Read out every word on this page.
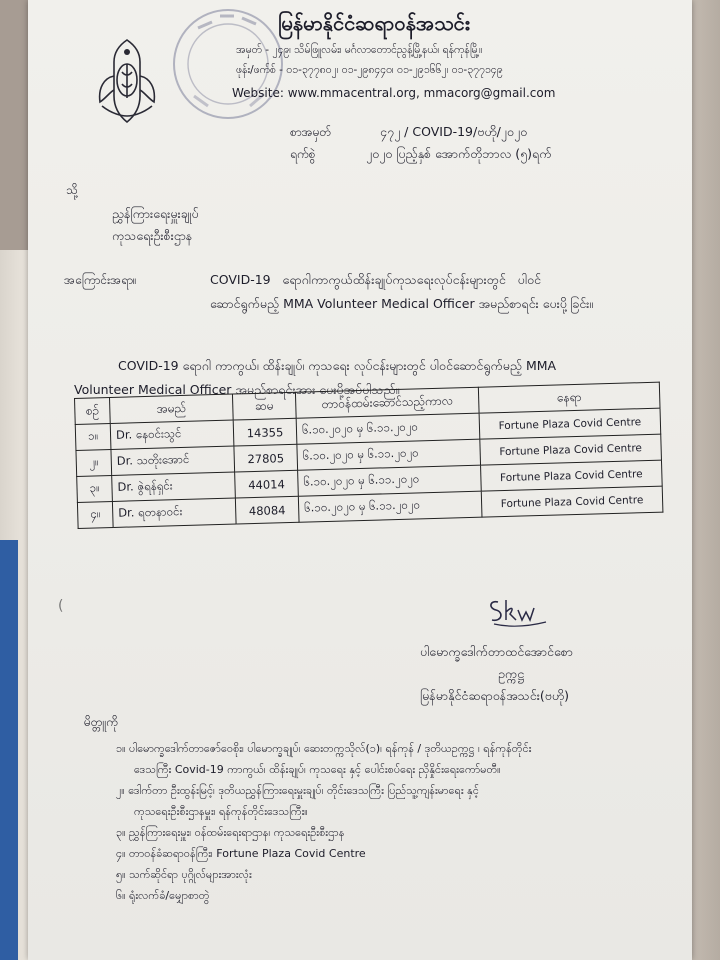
မြန်မာနိုင်ငံဆရာဝန်အသင်း
အမှတ် - ၂၄၉၊ သိမ်ဖြူလမ်း၊ မင်္ဂလာတောင်ညွန့်မြို့နယ်၊ ရန်ကုန်မြို့။
ဖုန်း/ဖက်စ် - ၀၁-၃၇၇၈၀၂၊ ၀၁-၂၉၈၄၄၀၊ ၀၁-၂၉၁၆၆၂၊ ၀၁-၃၇၇၁၄၉
Website: www.mmacentral.org, mmacorg@gmail.com
စာအမှတ်	၄၇၂ / COVID-19/ဗဟို/၂၀၂၀
ရက်စွဲ	၂၀၂၀ ပြည့်နှစ် အောက်တိုဘာလ (၅)ရက်
သို့
ညွှန်ကြားရေးမှူးချုပ်
ကုသရေးဦးစီးဌာန
အကြောင်းအရာ။	COVID-19   ရောဂါကာကွယ်ထိန်းချုပ်ကုသရေးလုပ်ငန်းများတွင်   ပါဝင်
ဆောင်ရွက်မည့် MMA Volunteer Medical Officer အမည်စာရင်း ပေးပို့ခြင်း။
COVID-19 ရောဂါ ကာကွယ်၊ ထိန်းချုပ်၊ ကုသရေး လုပ်ငန်းများတွင် ပါဝင်ဆောင်ရွက်မည့် MMA
Volunteer Medical Officer အမည်စာရင်းအား ပေးပို့အပ်ပါသည်။
စဉ်	အမည်	ဆမ	တာဝန်ထမ်းဆောင်သည့်ကာလ	နေရာ
၁။	Dr. နေဝင်းသွင်	14355	၆.၁၀.၂၀၂၀ မှ ၆.၁၁.၂၀၂၀	Fortune Plaza Covid Centre
၂။	Dr. သတိုးအောင်	27805	၆.၁၀.၂၀၂၀ မှ ၆.၁၁.၂၀၂၀	Fortune Plaza Covid Centre
၃။	Dr. ဇွဲရန်ရှင်း	44014	၆.၁၀.၂၀၂၀ မှ ၆.၁၁.၂၀၂၀	Fortune Plaza Covid Centre
၄။	Dr. ရတနာဝင်း	48084	၆.၁၀.၂၀၂၀ မှ ၆.၁၁.၂၀၂၀	Fortune Plaza Covid Centre
(
ပါမောက္ခဒေါက်တာထင်အောင်စော
ဥက္ကဋ္ဌ
မြန်မာနိုင်ငံဆရာဝန်အသင်း(ဗဟို)
မိတ္တူကို
၁။ ပါမောက္ခဒေါက်တာဇော်ဝေစိုး၊ ပါမောက္ခချုပ်၊ ဆေးတက္ကသိုလ်(၁)၊ ရန်ကုန် / ဒုတိယဥက္ကဋ္ဌ ၊ ရန်ကုန်တိုင်း
ဒေသကြီး Covid-19 ကာကွယ်၊ ထိန်းချုပ်၊ ကုသရေး နှင့် ပေါင်းစပ်ရေး ညှိနှိုင်းရေးကော်မတီ။
၂။ ဒေါက်တာ ဦးထွန်းမြင့်၊ ဒုတိယညွှန်ကြားရေးမှူးချုပ်၊ တိုင်းဒေသကြီး ပြည်သူ့ကျန်းမာရေး နှင့်
ကုသရေးဦးစီးဌာနမှူး၊ ရန်ကုန်တိုင်းဒေသကြီး။
၃။ ညွှန်ကြားရေးမှူး၊ ဝန်ထမ်းရေးရာဌာန၊ ကုသရေးဦးစီးဌာန
၄။ တာဝန်ခံဆရာဝန်ကြီး၊ Fortune Plaza Covid Centre
၅။ သက်ဆိုင်ရာ ပုဂ္ဂိုလ်များအားလုံး
၆။ ရုံးလက်ခံ/မျှောစာတွဲ
